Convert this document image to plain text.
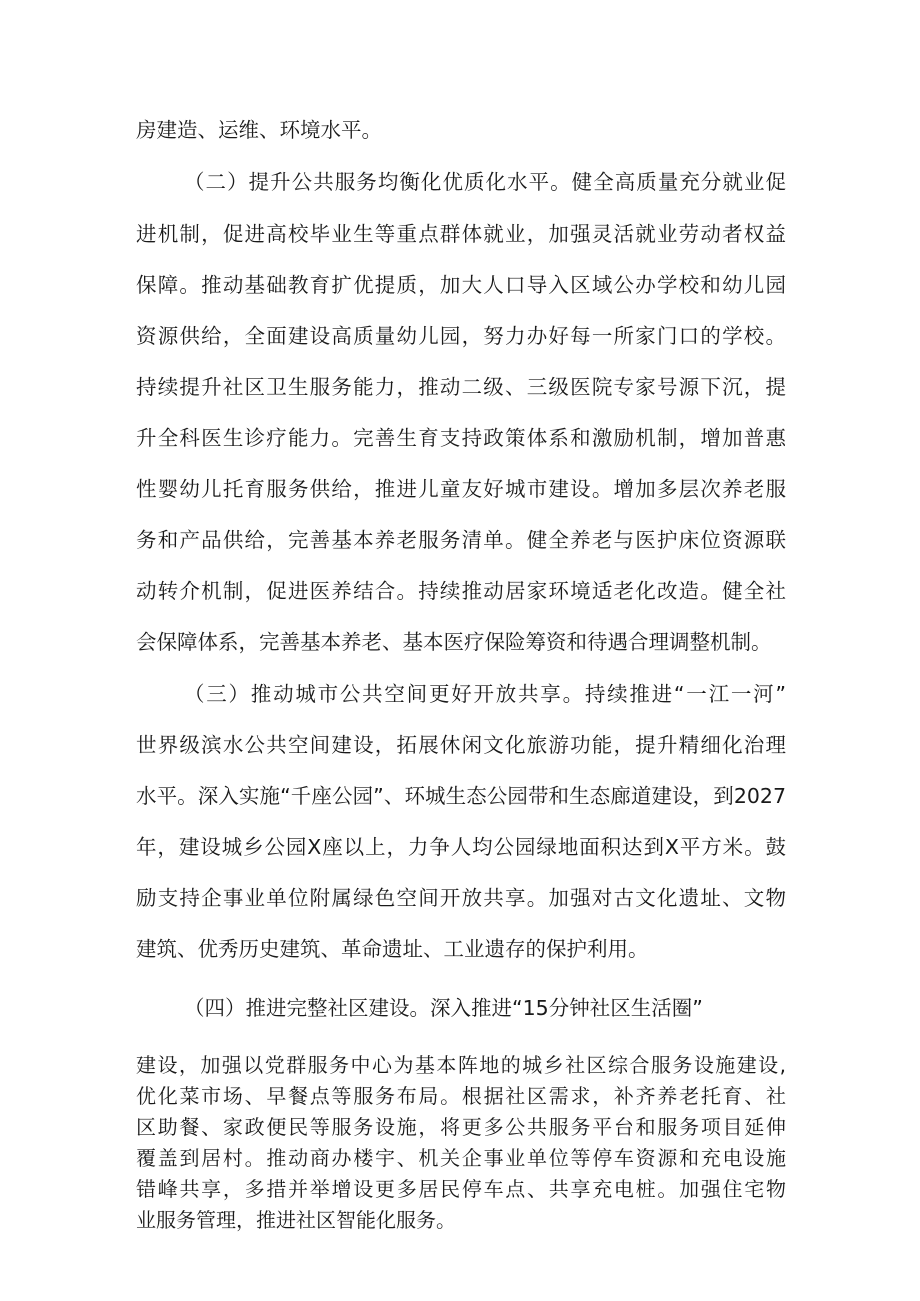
房建造、运维、环境水平。
（二）提升公共服务均衡化优质化水平。健全高质量充分就业促
进机制，促进高校毕业生等重点群体就业，加强灵活就业劳动者权益
保障。推动基础教育扩优提质，加大人口导入区域公办学校和幼儿园
资源供给，全面建设高质量幼儿园，努力办好每一所家门口的学校。
持续提升社区卫生服务能力，推动二级、三级医院专家号源下沉，提
升全科医生诊疗能力。完善生育支持政策体系和激励机制，增加普惠
性婴幼儿托育服务供给，推进儿童友好城市建设。增加多层次养老服
务和产品供给，完善基本养老服务清单。健全养老与医护床位资源联
动转介机制，促进医养结合。持续推动居家环境适老化改造。健全社
会保障体系，完善基本养老、基本医疗保险筹资和待遇合理调整机制。
（三）推动城市公共空间更好开放共享。持续推进“一江一河”
世界级滨水公共空间建设，拓展休闲文化旅游功能，提升精细化治理
水平。深入实施“千座公园”、环城生态公园带和生态廊道建设，到2027
年，建设城乡公园X座以上，力争人均公园绿地面积达到X平方米。鼓
励支持企事业单位附属绿色空间开放共享。加强对古文化遗址、文物
建筑、优秀历史建筑、革命遗址、工业遗存的保护利用。
（四）推进完整社区建设。深入推进“15分钟社区生活圈”
建设，加强以党群服务中心为基本阵地的城乡社区综合服务设施建设,
优化菜市场、早餐点等服务布局。根据社区需求，补齐养老托育、社
区助餐、家政便民等服务设施，将更多公共服务平台和服务项目延伸
覆盖到居村。推动商办楼宇、机关企事业单位等停车资源和充电设施
错峰共享，多措并举增设更多居民停车点、共享充电桩。加强住宅物
业服务管理，推进社区智能化服务。
